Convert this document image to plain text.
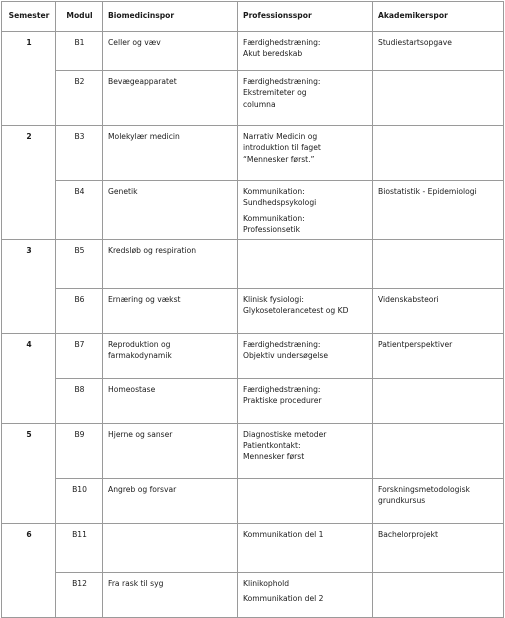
Semester	Modul	Biomedicinspor	Professionsspor	Akademikerspor
1	B1	Celler og væv	Færdighedstræning:
Akut beredskab	Studiestartsopgave
	B2	Bevægeapparatet	Færdighedstræning:
Ekstremiteter og
columna	

2	B3	Molekylær medicin	Narrativ Medicin og
introduktion til faget
“Mennesker først.”	

	B4	Genetik	Kommunikation:
Sundhedspsykologi
Kommunikation:
Professionsetik	Biostatistik - Epidemiologi
3	B5	Kredsløb og respiration		
	B6	Ernæring og vækst	Klinisk fysiologi:
Glykosetolerancetest og KD	Videnskabsteori
4	B7	Reproduktion og
farmakodynamik	Færdighedstræning:
Objektiv undersøgelse	Patientperspektiver
	B8	Homeostase	Færdighedstræning:
Praktiske procedurer	

5	B9	Hjerne og sanser	Diagnostiske metoder
Patientkontakt:
Mennesker først	

	B10	Angreb og forsvar		Forskningsmetodologisk
grundkursus

6	B11		Kommunikation del 1	Bachelorprojekt
	B12	Fra rask til syg	Klinikophold
Kommunikation del 2	
